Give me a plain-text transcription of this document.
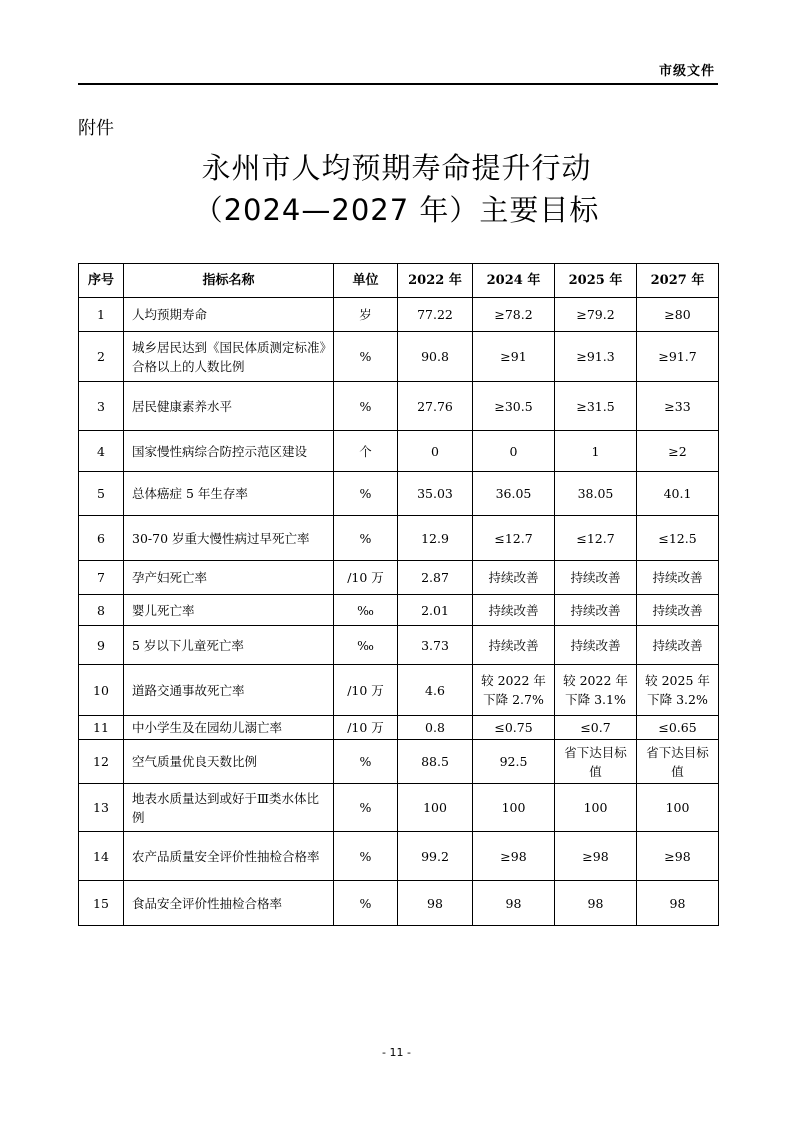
市级文件
附件
永州市人均预期寿命提升行动
（2024—2027 年）主要目标
序号	指标名称	单位	2022 年	2024 年	2025 年	2027 年
1	人均预期寿命	岁	77.22	≥78.2	≥79.2	≥80
2	城乡居民达到《国民体质测定标准》合格以上的人数比例	%	90.8	≥91	≥91.3	≥91.7
3	居民健康素养水平	%	27.76	≥30.5	≥31.5	≥33
4	国家慢性病综合防控示范区建设	个	0	0	1	≥2
5	总体癌症 5 年生存率	%	35.03	36.05	38.05	40.1
6	30-70 岁重大慢性病过早死亡率	%	12.9	≤12.7	≤12.7	≤12.5
7	孕产妇死亡率	/10 万	2.87	持续改善	持续改善	持续改善
8	婴儿死亡率	‰	2.01	持续改善	持续改善	持续改善
9	5 岁以下儿童死亡率	‰	3.73	持续改善	持续改善	持续改善
10	道路交通事故死亡率	/10 万	4.6	较 2022 年下降 2.7%	较 2022 年下降 3.1%	较 2025 年下降 3.2%
11	中小学生及在园幼儿溺亡率	/10 万	0.8	≤0.75	≤0.7	≤0.65
12	空气质量优良天数比例	%	88.5	92.5	省下达目标值	省下达目标值
13	地表水质量达到或好于Ⅲ类水体比例	%	100	100	100	100
14	农产品质量安全评价性抽检合格率	%	99.2	≥98	≥98	≥98
15	食品安全评价性抽检合格率	%	98	98	98	98
- 11 -
